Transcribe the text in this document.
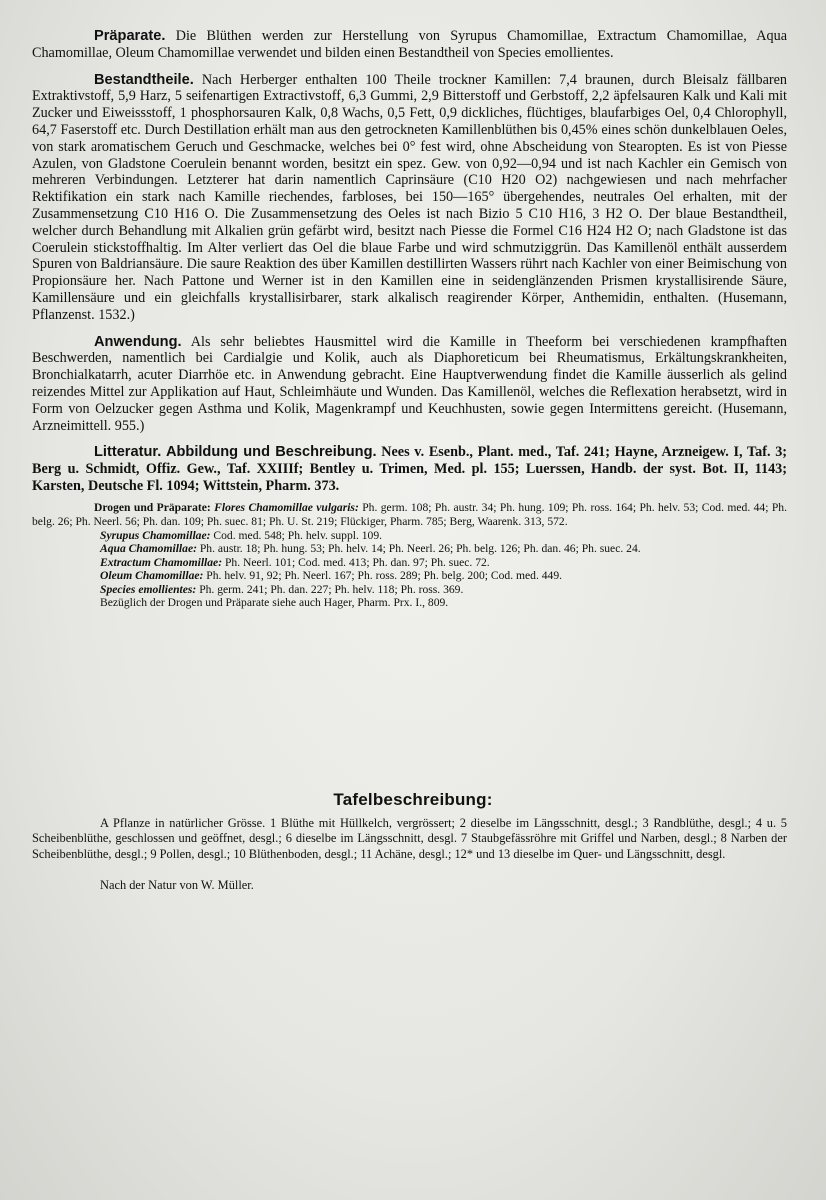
Präparate. Die Blüthen werden zur Herstellung von Syrupus Chamomillae, Extractum Chamomillae, Aqua Chamomillae, Oleum Chamomillae verwendet und bilden einen Bestandtheil von Species emollientes.

Bestandtheile. Nach Herberger enthalten 100 Theile trockner Kamillen: 7,4 braunen, durch Bleisalz fällbaren Extraktivstoff, 5,9 Harz, 5 seifenartigen Extractivstoff, 6,3 Gummi, 2,9 Bitterstoff und Gerbstoff, 2,2 äpfelsauren Kalk und Kali mit Zucker und Eiweissstoff, 1 phosphorsauren Kalk, 0,8 Wachs, 0,5 Fett, 0,9 dickliches, flüchtiges, blaufarbiges Oel, 0,4 Chlorophyll, 64,7 Faserstoff etc. Durch Destillation erhält man aus den getrockneten Kamillenblüthen bis 0,45% eines schön dunkelblauen Oeles, von stark aromatischem Geruch und Geschmacke, welches bei 0° fest wird, ohne Abscheidung von Stearopten. Es ist von Piesse Azulen, von Gladstone Coerulein benannt worden, besitzt ein spez. Gew. von 0,92—0,94 und ist nach Kachler ein Gemisch von mehreren Verbindungen. Letzterer hat darin namentlich Caprinsäure (C10 H20 O2) nachgewiesen und nach mehrfacher Rektifikation ein stark nach Kamille riechendes, farbloses, bei 150—165° übergehendes, neutrales Oel erhalten, mit der Zusammensetzung C10 H16 O. Die Zusammensetzung des Oeles ist nach Bizio 5 C10 H16, 3 H2 O. Der blaue Bestandtheil, welcher durch Behandlung mit Alkalien grün gefärbt wird, besitzt nach Piesse die Formel C16 H24 H2 O; nach Gladstone ist das Coerulein stickstoffhaltig. Im Alter verliert das Oel die blaue Farbe und wird schmutziggrün. Das Kamillenöl enthält ausserdem Spuren von Baldriansäure. Die saure Reaktion des über Kamillen destillirten Wassers rührt nach Kachler von einer Beimischung von Propionsäure her. Nach Pattone und Werner ist in den Kamillen eine in seidenglänzenden Prismen krystallisirende Säure, Kamillensäure und ein gleichfalls krystallisirbarer, stark alkalisch reagirender Körper, Anthemidin, enthalten. (Husemann, Pflanzenst. 1532.)

Anwendung. Als sehr beliebtes Hausmittel wird die Kamille in Theeform bei verschiedenen krampfhaften Beschwerden, namentlich bei Cardialgie und Kolik, auch als Diaphoreticum bei Rheumatismus, Erkältungskrankheiten, Bronchialkatarrh, acuter Diarrhöe etc. in Anwendung gebracht. Eine Hauptverwendung findet die Kamille äusserlich als gelind reizendes Mittel zur Applikation auf Haut, Schleimhäute und Wunden. Das Kamillenöl, welches die Reflexation herabsetzt, wird in Form von Oelzucker gegen Asthma und Kolik, Magenkrampf und Keuchhusten, sowie gegen Intermittens gereicht. (Husemann, Arzneimittell. 955.)

Litteratur. Abbildung und Beschreibung. Nees v. Esenb., Plant. med., Taf. 241; Hayne, Arzneigew. I, Taf. 3; Berg u. Schmidt, Offiz. Gew., Taf. XXIIIf; Bentley u. Trimen, Med. pl. 155; Luerssen, Handb. der syst. Bot. II, 1143; Karsten, Deutsche Fl. 1094; Wittstein, Pharm. 373.

Drogen und Präparate: Flores Chamomillae vulgaris: Ph. germ. 108; Ph. austr. 34; Ph. hung. 109; Ph. ross. 164; Ph. helv. 53; Cod. med. 44; Ph. belg. 26; Ph. Neerl. 56; Ph. dan. 109; Ph. suec. 81; Ph. U. St. 219; Flückiger, Pharm. 785; Berg, Waarenk. 313, 572.
Syrupus Chamomillae: Cod. med. 548; Ph. helv. suppl. 109.
Aqua Chamomillae: Ph. austr. 18; Ph. hung. 53; Ph. helv. 14; Ph. Neerl. 26; Ph. belg. 126; Ph. dan. 46; Ph. suec. 24.
Extractum Chamomillae: Ph. Neerl. 101; Cod. med. 413; Ph. dan. 97; Ph. suec. 72.
Oleum Chamomillae: Ph. helv. 91, 92; Ph. Neerl. 167; Ph. ross. 289; Ph. belg. 200; Cod. med. 449.
Species emollientes: Ph. germ. 241; Ph. dan. 227; Ph. helv. 118; Ph. ross. 369.
Bezüglich der Drogen und Präparate siehe auch Hager, Pharm. Prx. I., 809.
Tafelbeschreibung:

A Pflanze in natürlicher Grösse. 1 Blüthe mit Hüllkelch, vergrössert; 2 dieselbe im Längsschnitt, desgl.; 3 Randblüthe, desgl.; 4 u. 5 Scheibenblüthe, geschlossen und geöffnet, desgl.; 6 dieselbe im Längsschnitt, desgl. 7 Staubgefässröhre mit Griffel und Narben, desgl.; 8 Narben der Scheibenblüthe, desgl.; 9 Pollen, desgl.; 10 Blüthenboden, desgl.; 11 Achäne, desgl.; 12* und 13 dieselbe im Quer- und Längsschnitt, desgl.

Nach der Natur von W. Müller.
